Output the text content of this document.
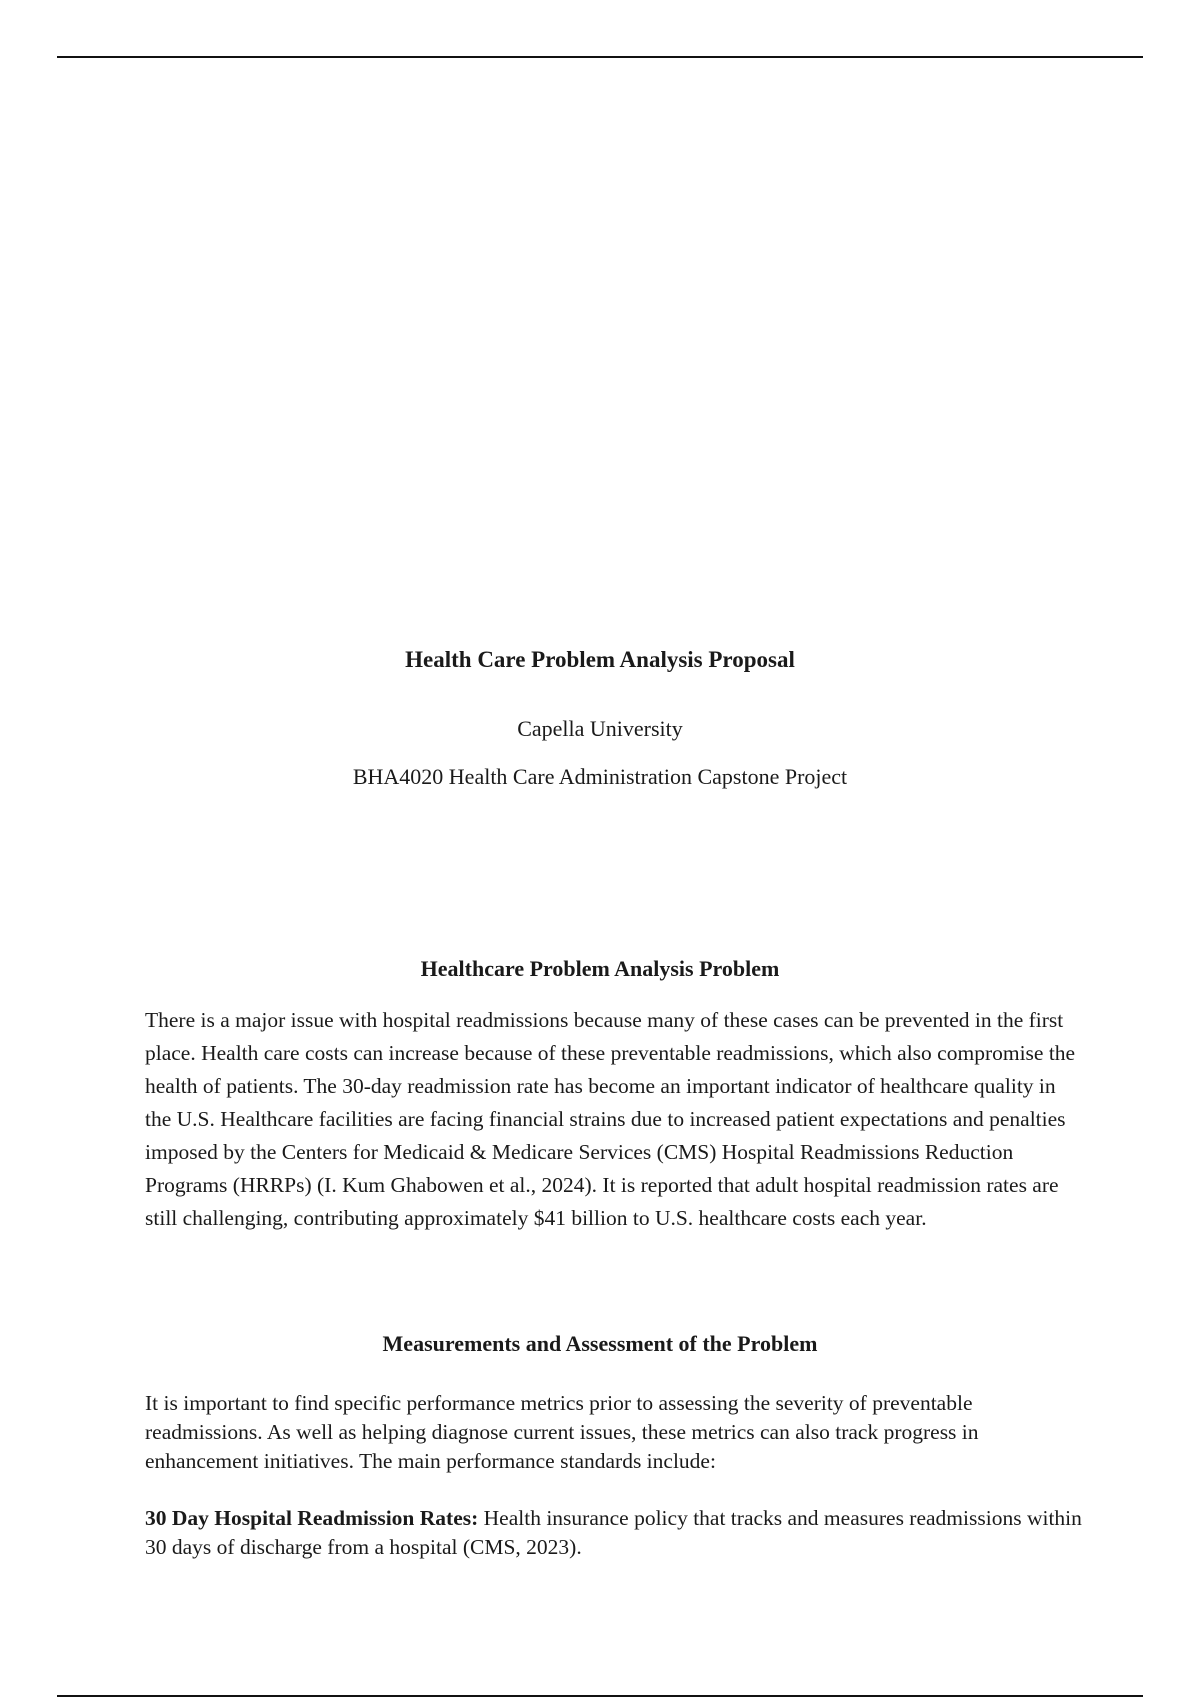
Health Care Problem Analysis Proposal

Capella University

BHA4020 Health Care Administration Capstone Project

Healthcare Problem Analysis Problem

There is a major issue with hospital readmissions because many of these cases can be prevented in the first place. Health care costs can increase because of these preventable readmissions, which also compromise the health of patients. The 30-day readmission rate has become an important indicator of healthcare quality in the U.S. Healthcare facilities are facing financial strains due to increased patient expectations and penalties imposed by the Centers for Medicaid & Medicare Services (CMS) Hospital Readmissions Reduction Programs (HRRPs) (I. Kum Ghabowen et al., 2024). It is reported that adult hospital readmission rates are still challenging, contributing approximately $41 billion to U.S. healthcare costs each year.

Measurements and Assessment of the Problem

It is important to find specific performance metrics prior to assessing the severity of preventable readmissions. As well as helping diagnose current issues, these metrics can also track progress in enhancement initiatives. The main performance standards include:

30 Day Hospital Readmission Rates: Health insurance policy that tracks and measures readmissions within 30 days of discharge from a hospital (CMS, 2023).
